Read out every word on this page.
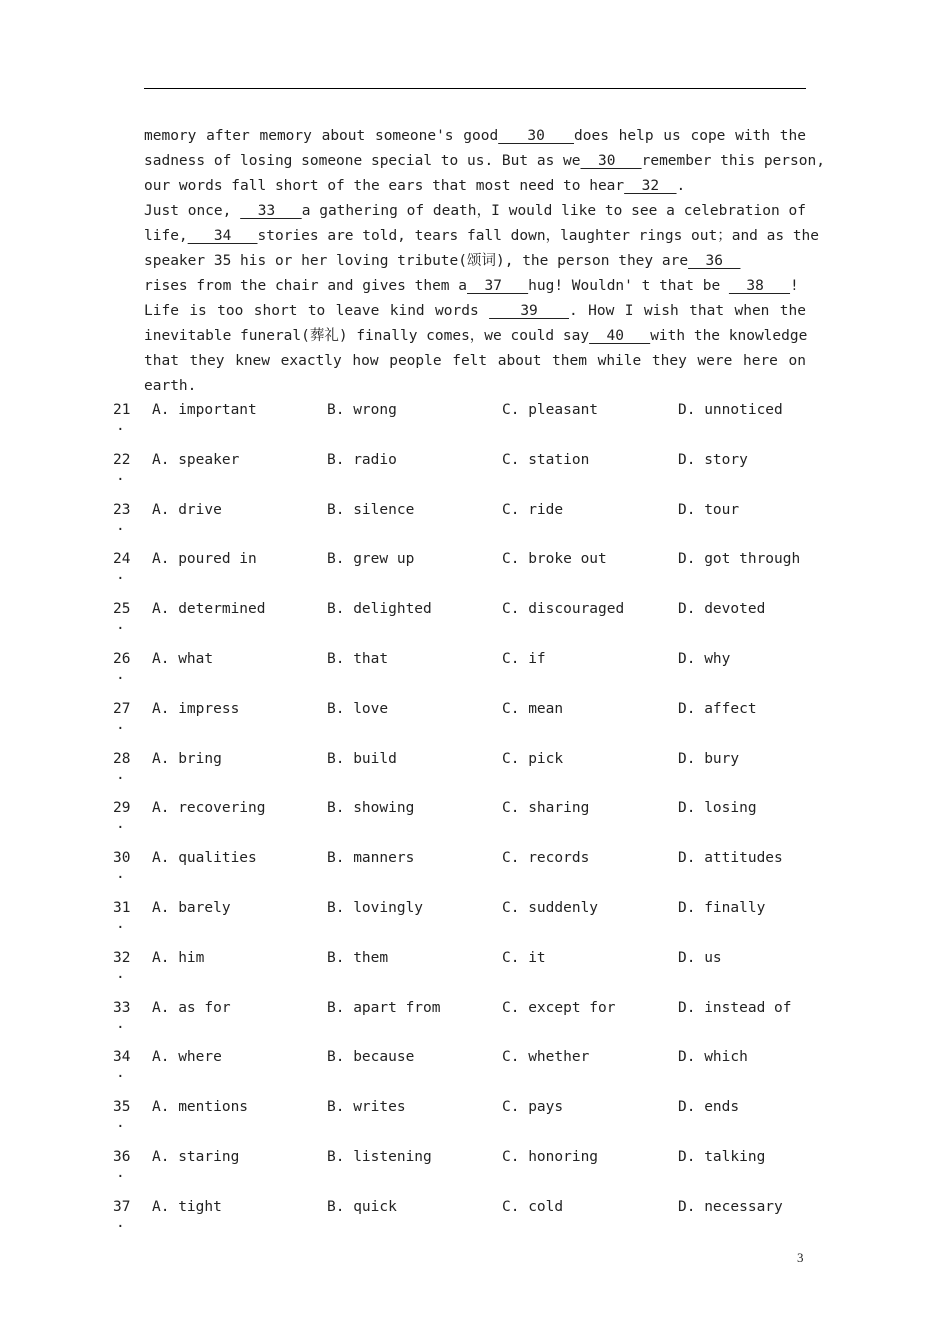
memory after memory about someone's good   30   does help us cope with the
sadness of losing someone special to us. But as we  30   remember this person,
our words fall short of the ears that most need to hear  32  .
Just once,   33   a gathering of death，I would like to see a celebration of
life,   34   stories are told, tears fall down，laughter rings out；and as the
speaker 35 his or her loving tribute(颂词), the person they are  36
rises from the chair and gives them a  37   hug! Wouldn' t that be   38   !
Life is too short to leave kind words    39   . How I wish that when the
inevitable funeral(葬礼) finally comes，we could say  40   with the knowledge
that they knew exactly how people felt about them while they were here on
earth.
21
.
A. important	B. wrong	C. pleasant	D. unnoticed
22
.
A. speaker	B. radio	C. station	D. story
23
.
A. drive	B. silence	C. ride	D. tour
24
.
A. poured in	B. grew up	C. broke out	D. got through
25
.
A. determined	B. delighted	C. discouraged	D. devoted
26
.
A. what	B. that	C. if	D. why
27
.
A. impress	B. love	C. mean	D. affect
28
.
A. bring	B. build	C. pick	D. bury
29
.
A. recovering	B. showing	C. sharing	D. losing
30
.
A. qualities	B. manners	C. records	D. attitudes
31
.
A. barely	B. lovingly	C. suddenly	D. finally
32
.
A. him	B. them	C. it	D. us
33
.
A. as for	B. apart from	C. except for	D. instead of
34
.
A. where	B. because	C. whether	D. which
35
.
A. mentions	B. writes	C. pays	D. ends
36
.
A. staring	B. listening	C. honoring	D. talking
37
.
A. tight	B. quick	C. cold	D. necessary
3
